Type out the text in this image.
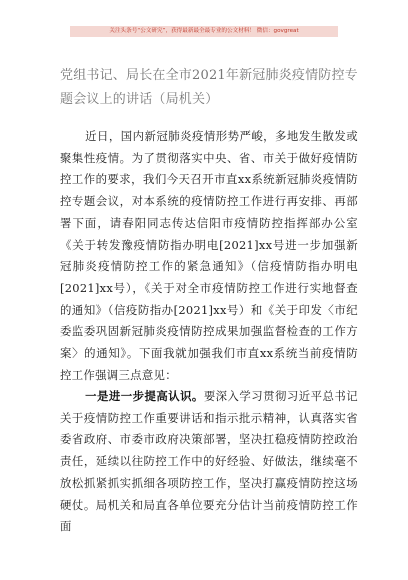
关注头条号“公文研究”，获得最新最全最专业的公文材料！ 微信：govgreat
党组书记、局长在全市2021年新冠肺炎疫情防控专题会议上的讲话（局机关）

近日，国内新冠肺炎疫情形势严峻，多地发生散发或聚集性疫情。为了贯彻落实中央、省、市关于做好疫情防控工作的要求，我们今天召开市直xx系统新冠肺炎疫情防控专题会议，对本系统的疫情防控工作进行再安排、再部署下面，请春阳同志传达信阳市疫情防控指挥部办公室《关于转发豫疫情防指办明电[2021]xx号进一步加强新冠肺炎疫情防控工作的紧急通知》（信疫情防指办明电[2021]xx号），《关于对全市疫情防控工作进行实地督查的通知》（信疫防指办[2021]xx号）和《关于印发〈市纪委监委巩固新冠肺炎疫情防控成果加强监督检查的工作方案〉的通知》。下面我就加强我们市直xx系统当前疫情防控工作强调三点意见：

一是进一步提高认识。要深入学习贯彻习近平总书记关于疫情防控工作重要讲话和指示批示精神，认真落实省委省政府、市委市政府决策部署，坚决扛稳疫情防控政治责任，延续以往防控工作中的好经验、好做法，继续毫不放松抓紧抓实抓细各项防控工作，坚决打赢疫情防控这场硬仗。局机关和局直各单位要充分估计当前疫情防控工作面
